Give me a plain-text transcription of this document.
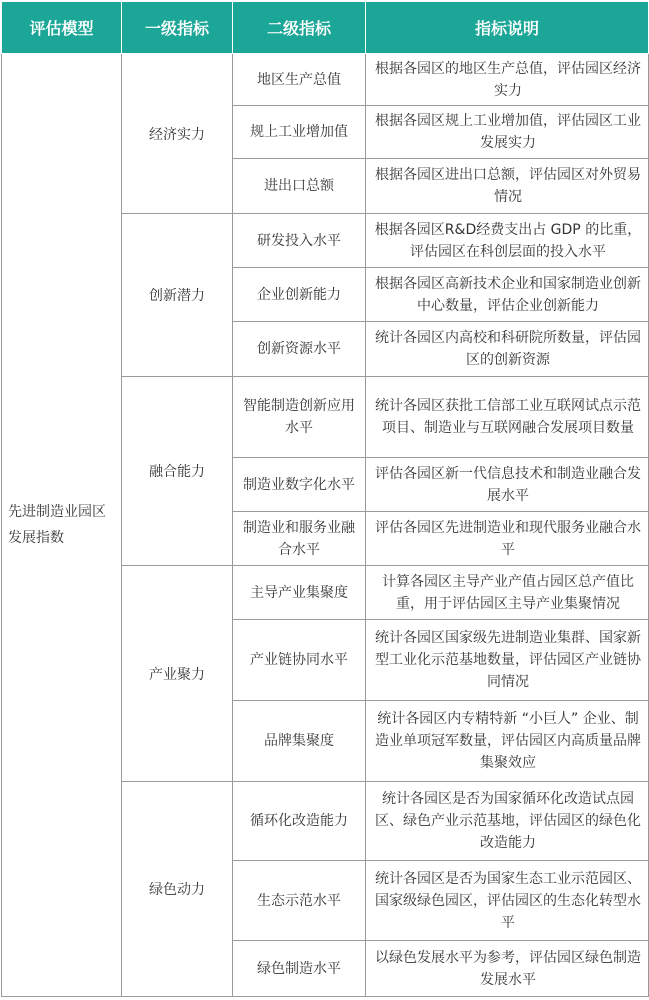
评估模型	一级指标	二级指标	指标说明
先进制造业园区发展指数	经济实力	地区生产总值	根据各园区的地区生产总值，评估园区经济实力
		规上工业增加值	根据各园区规上工业增加值，评估园区工业发展实力
		进出口总额	根据各园区进出口总额，评估园区对外贸易情况
	创新潜力	研发投入水平	根据各园区R&D经费支出占 GDP 的比重，评估园区在科创层面的投入水平
		企业创新能力	根据各园区高新技术企业和国家制造业创新中心数量，评估企业创新能力
		创新资源水平	统计各园区内高校和科研院所数量，评估园区的创新资源
	融合能力	智能制造创新应用水平	统计各园区获批工信部工业互联网试点示范项目、制造业与互联网融合发展项目数量
		制造业数字化水平	评估各园区新一代信息技术和制造业融合发展水平
		制造业和服务业融合水平	评估各园区先进制造业和现代服务业融合水平
	产业聚力	主导产业集聚度	计算各园区主导产业产值占园区总产值比重，用于评估园区主导产业集聚情况
		产业链协同水平	统计各园区国家级先进制造业集群、国家新型工业化示范基地数量，评估园区产业链协同情况
		品牌集聚度	统计各园区内专精特新 “小巨人” 企业、制造业单项冠军数量，评估园区内高质量品牌集聚效应
	绿色动力	循环化改造能力	统计各园区是否为国家循环化改造试点园区、绿色产业示范基地，评估园区的绿色化改造能力
		生态示范水平	统计各园区是否为国家生态工业示范园区、国家级绿色园区，评估园区的生态化转型水平
		绿色制造水平	以绿色发展水平为参考，评估园区绿色制造发展水平
